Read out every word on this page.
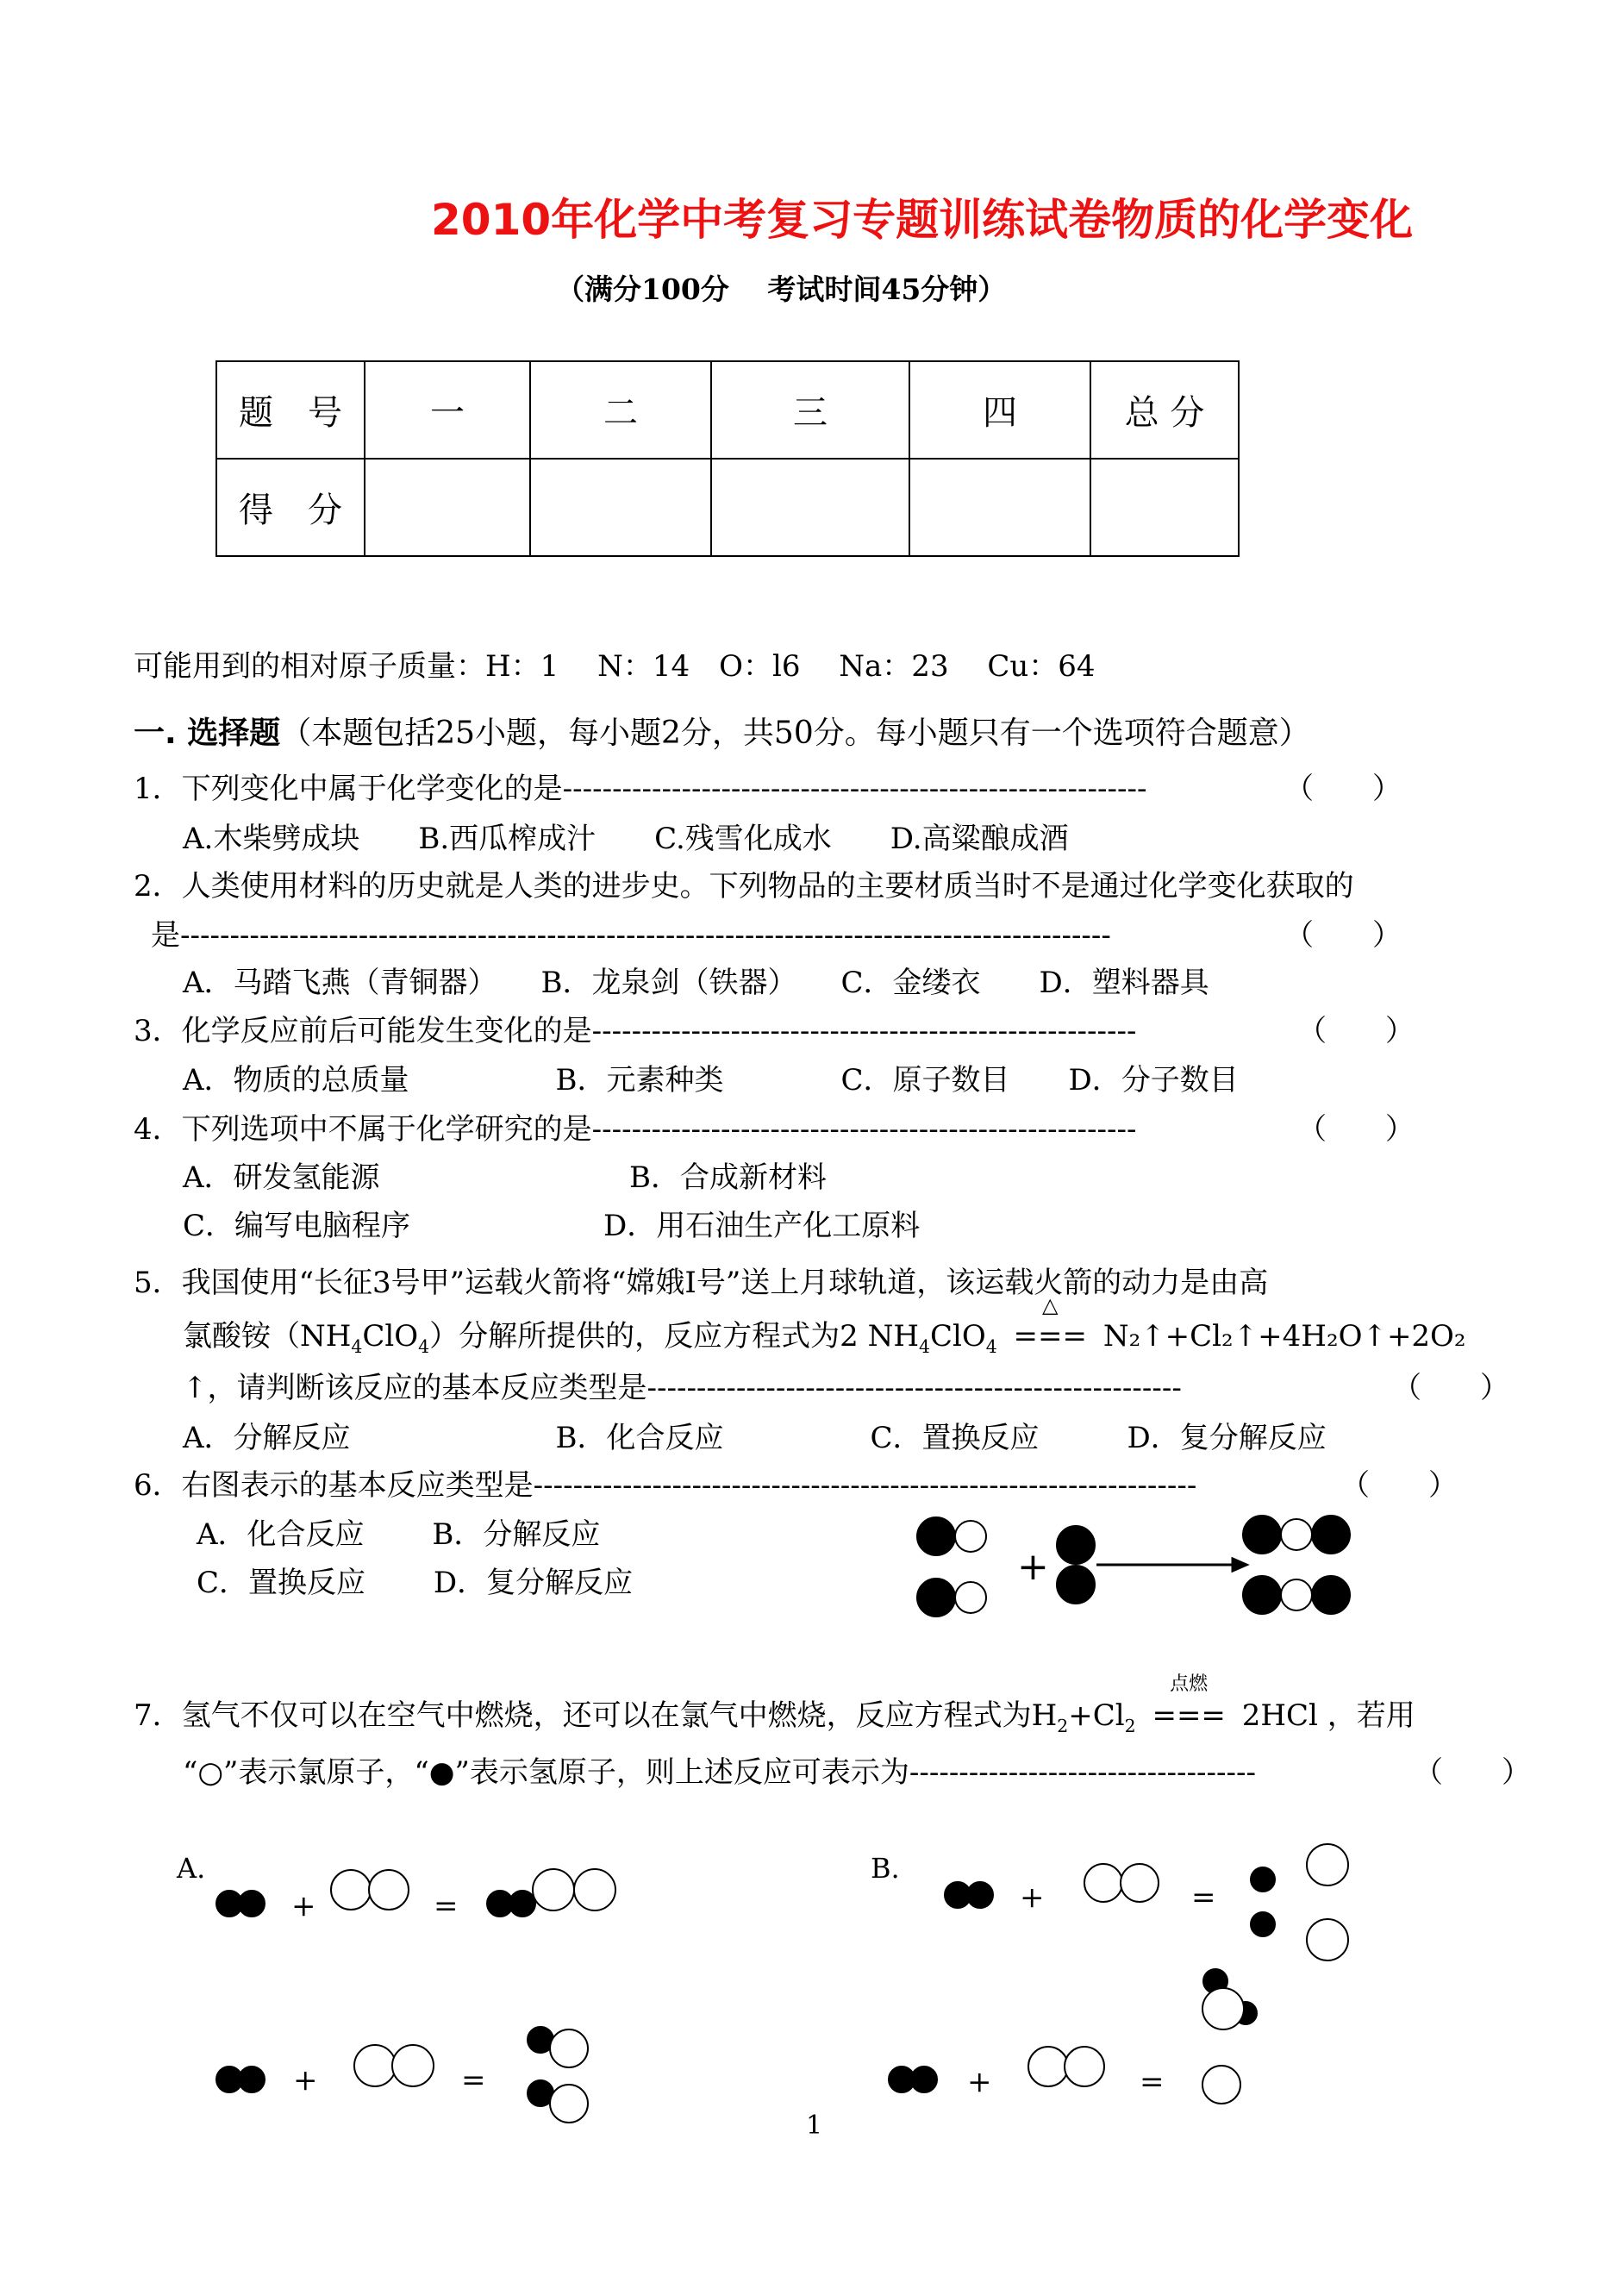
2010年化学中考复习专题训练试卷物质的化学变化
（满分100分　 考试时间45分钟）
题　号	一	二	三	四	总 分
得　分					
可能用到的相对原子质量：H：1　 N：14　O：l6　 Na：23　 Cu：64
一. 选择题（本题包括25小题，每小题2分，共50分。每小题只有一个选项符合题意）
1．下列变化中属于化学变化的是-----------------------------------------------------------	（　　）
A.木柴劈成块　　B.西瓜榨成汁　　C.残雪化成水　　D.高粱酿成酒
2．人类使用材料的历史就是人类的进步史。下列物品的主要材质当时不是通过化学变化获取的
是----------------------------------------------------------------------------------------------	（　　）
A．马踏飞燕（青铜器）　　B．龙泉剑（铁器）　　C．金缕衣　　D．塑料器具
3．化学反应前后可能发生变化的是-------------------------------------------------------	（　　）
A．物质的总质量　　　　　B．元素种类　　　　C．原子数目　　D．分子数目
4．下列选项中不属于化学研究的是-------------------------------------------------------	（　　）
A．研发氢能源	B．合成新材料
C．编写电脑程序	D．用石油生产化工原料
5．我国使用“长征3号甲”运载火箭将“嫦娥Ⅰ号”送上月球轨道，该运载火箭的动力是由高
氯酸铵$(NH_4ClO_4)$分解所提供的，反应方程式为2 $NH_4ClO_4$
△
=== N₂↑+Cl₂↑+4H₂O↑+2O₂
↑，请判断该反应的基本反应类型是------------------------------------------------------	（　　）
A．分解反应　　　　　　　B．化合反应　　　　　C．置换反应　　　D．复分解反应
6．右图表示的基本反应类型是-------------------------------------------------------------------	（　　）
A．化合反应　　 B．分解反应
C．置换反应　　 D．复分解反应	+
7．氢气不仅可以在空气中燃烧，还可以在氯气中燃烧，反应方程式为$H_2+Cl_2$
点燃
=== 2HCl ，若用
“○”表示氯原子，“●”表示氢原子，则上述反应可表示为-----------------------------------	（　　）
A.	B.
+	=	+	=
+	=	+	=
1
